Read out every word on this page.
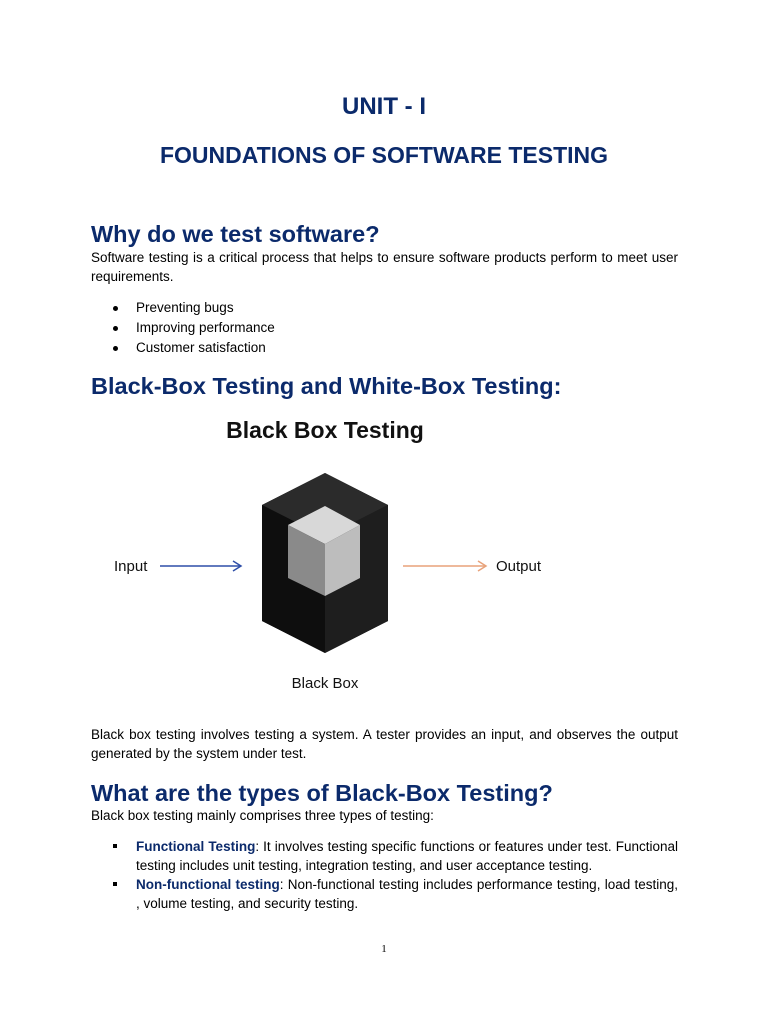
UNIT - I
FOUNDATIONS OF SOFTWARE TESTING
Why do we test software?

Software testing is a critical process that helps to ensure software products perform to meet user requirements.

Preventing bugs
Improving performance
Customer satisfaction
Black-Box Testing and White-Box Testing:
Black Box Testing
Input	Output
Black Box

Black box testing involves testing a system. A tester provides an input, and observes the output generated by the system under test.

What are the types of Black-Box Testing?

Black box testing mainly comprises three types of testing:

Functional Testing: It involves testing specific functions or features under test. Functional testing includes unit testing, integration testing, and user acceptance testing.
Non-functional testing: Non-functional testing includes performance testing, load testing, , volume testing, and security testing.
1
